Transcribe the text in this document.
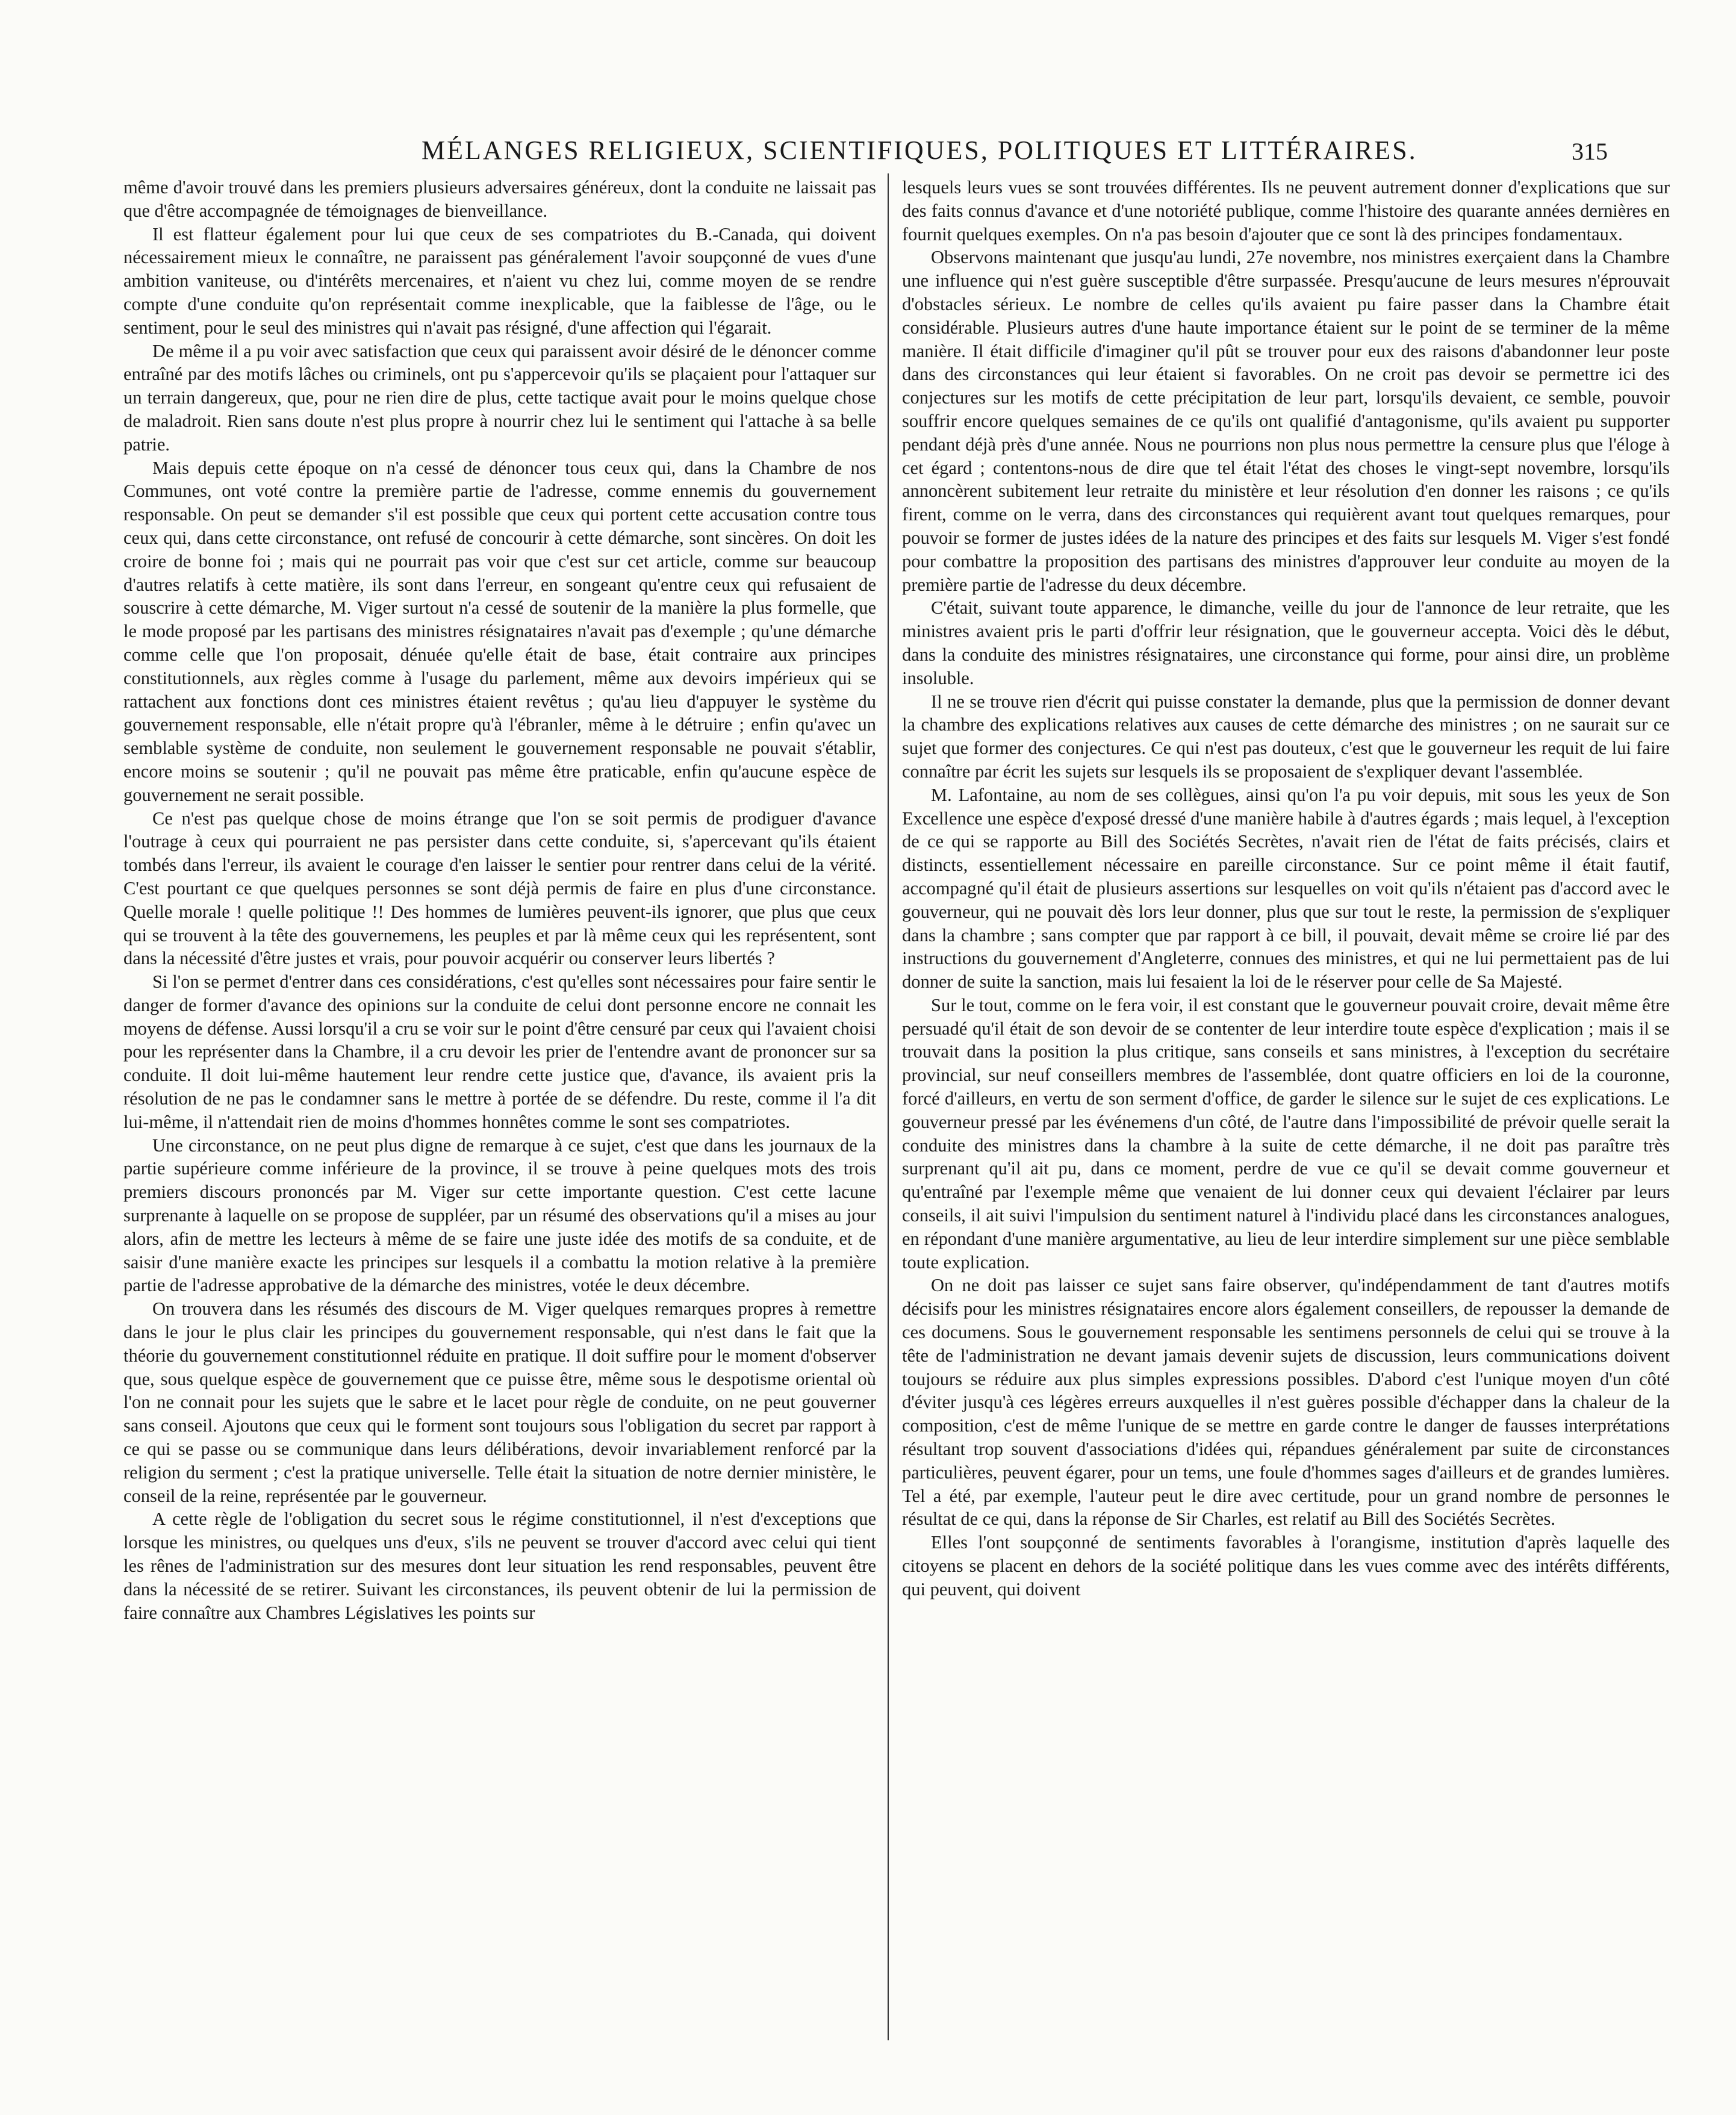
MÉLANGES RELIGIEUX, SCIENTIFIQUES, POLITIQUES ET LITTÉRAIRES.	315

même d'avoir trouvé dans les premiers plusieurs adversaires généreux, dont la conduite ne laissait pas que d'être accompagnée de témoignages de bienveillance.

Il est flatteur également pour lui que ceux de ses compatriotes du B.-Canada, qui doivent nécessairement mieux le connaître, ne paraissent pas généralement l'avoir soupçonné de vues d'une ambition vaniteuse, ou d'intérêts mercenaires, et n'aient vu chez lui, comme moyen de se rendre compte d'une conduite qu'on représentait comme inexplicable, que la faiblesse de l'âge, ou le sentiment, pour le seul des ministres qui n'avait pas résigné, d'une affection qui l'égarait.

De même il a pu voir avec satisfaction que ceux qui paraissent avoir désiré de le dénoncer comme entraîné par des motifs lâches ou criminels, ont pu s'appercevoir qu'ils se plaçaient pour l'attaquer sur un terrain dangereux, que, pour ne rien dire de plus, cette tactique avait pour le moins quelque chose de maladroit. Rien sans doute n'est plus propre à nourrir chez lui le sentiment qui l'attache à sa belle patrie.

Mais depuis cette époque on n'a cessé de dénoncer tous ceux qui, dans la Chambre de nos Communes, ont voté contre la première partie de l'adresse, comme ennemis du gouvernement responsable. On peut se demander s'il est possible que ceux qui portent cette accusation contre tous ceux qui, dans cette circonstance, ont refusé de concourir à cette démarche, sont sincères. On doit les croire de bonne foi ; mais qui ne pourrait pas voir que c'est sur cet article, comme sur beaucoup d'autres relatifs à cette matière, ils sont dans l'erreur, en songeant qu'entre ceux qui refusaient de souscrire à cette démarche, M. Viger surtout n'a cessé de soutenir de la manière la plus formelle, que le mode proposé par les partisans des ministres résignataires n'avait pas d'exemple ; qu'une démarche comme celle que l'on proposait, dénuée qu'elle était de base, était contraire aux principes constitutionnels, aux règles comme à l'usage du parlement, même aux devoirs impérieux qui se rattachent aux fonctions dont ces ministres étaient revêtus ; qu'au lieu d'appuyer le système du gouvernement responsable, elle n'était propre qu'à l'ébranler, même à le détruire ; enfin qu'avec un semblable système de conduite, non seulement le gouvernement responsable ne pouvait s'établir, encore moins se soutenir ; qu'il ne pouvait pas même être praticable, enfin qu'aucune espèce de gouvernement ne serait possible.

Ce n'est pas quelque chose de moins étrange que l'on se soit permis de prodiguer d'avance l'outrage à ceux qui pourraient ne pas persister dans cette conduite, si, s'apercevant qu'ils étaient tombés dans l'erreur, ils avaient le courage d'en laisser le sentier pour rentrer dans celui de la vérité. C'est pourtant ce que quelques personnes se sont déjà permis de faire en plus d'une circonstance. Quelle morale ! quelle politique !! Des hommes de lumières peuvent-ils ignorer, que plus que ceux qui se trouvent à la tête des gouvernemens, les peuples et par là même ceux qui les représentent, sont dans la nécessité d'être justes et vrais, pour pouvoir acquérir ou conserver leurs libertés ?

Si l'on se permet d'entrer dans ces considérations, c'est qu'elles sont nécessaires pour faire sentir le danger de former d'avance des opinions sur la conduite de celui dont personne encore ne connait les moyens de défense. Aussi lorsqu'il a cru se voir sur le point d'être censuré par ceux qui l'avaient choisi pour les représenter dans la Chambre, il a cru devoir les prier de l'entendre avant de prononcer sur sa conduite. Il doit lui-même hautement leur rendre cette justice que, d'avance, ils avaient pris la résolution de ne pas le condamner sans le mettre à portée de se défendre. Du reste, comme il l'a dit lui-même, il n'attendait rien de moins d'hommes honnêtes comme le sont ses compatriotes.

Une circonstance, on ne peut plus digne de remarque à ce sujet, c'est que dans les journaux de la partie supérieure comme inférieure de la province, il se trouve à peine quelques mots des trois premiers discours prononcés par M. Viger sur cette importante question. C'est cette lacune surprenante à laquelle on se propose de suppléer, par un résumé des observations qu'il a mises au jour alors, afin de mettre les lecteurs à même de se faire une juste idée des motifs de sa conduite, et de saisir d'une manière exacte les principes sur lesquels il a combattu la motion relative à la première partie de l'adresse approbative de la démarche des ministres, votée le deux décembre.

On trouvera dans les résumés des discours de M. Viger quelques remarques propres à remettre dans le jour le plus clair les principes du gouvernement responsable, qui n'est dans le fait que la théorie du gouvernement constitutionnel réduite en pratique. Il doit suffire pour le moment d'observer que, sous quelque espèce de gouvernement que ce puisse être, même sous le despotisme oriental où l'on ne connait pour les sujets que le sabre et le lacet pour règle de conduite, on ne peut gouverner sans conseil. Ajoutons que ceux qui le forment sont toujours sous l'obligation du secret par rapport à ce qui se passe ou se communique dans leurs délibérations, devoir invariablement renforcé par la religion du serment ; c'est la pratique universelle. Telle était la situation de notre dernier ministère, le conseil de la reine, représentée par le gouverneur.

A cette règle de l'obligation du secret sous le régime constitutionnel, il n'est d'exceptions que lorsque les ministres, ou quelques uns d'eux, s'ils ne peuvent se trouver d'accord avec celui qui tient les rênes de l'administration sur des mesures dont leur situation les rend responsables, peuvent être dans la nécessité de se retirer. Suivant les circonstances, ils peuvent obtenir de lui la permission de faire connaître aux Chambres Législatives les points sur

lesquels leurs vues se sont trouvées différentes. Ils ne peuvent autrement donner d'explications que sur des faits connus d'avance et d'une notoriété publique, comme l'histoire des quarante années dernières en fournit quelques exemples. On n'a pas besoin d'ajouter que ce sont là des principes fondamentaux.

Observons maintenant que jusqu'au lundi, 27e novembre, nos ministres exerçaient dans la Chambre une influence qui n'est guère susceptible d'être surpassée. Presqu'aucune de leurs mesures n'éprouvait d'obstacles sérieux. Le nombre de celles qu'ils avaient pu faire passer dans la Chambre était considérable. Plusieurs autres d'une haute importance étaient sur le point de se terminer de la même manière. Il était difficile d'imaginer qu'il pût se trouver pour eux des raisons d'abandonner leur poste dans des circonstances qui leur étaient si favorables. On ne croit pas devoir se permettre ici des conjectures sur les motifs de cette précipitation de leur part, lorsqu'ils devaient, ce semble, pouvoir souffrir encore quelques semaines de ce qu'ils ont qualifié d'antagonisme, qu'ils avaient pu supporter pendant déjà près d'une année. Nous ne pourrions non plus nous permettre la censure plus que l'éloge à cet égard ; contentons-nous de dire que tel était l'état des choses le vingt-sept novembre, lorsqu'ils annoncèrent subitement leur retraite du ministère et leur résolution d'en donner les raisons ; ce qu'ils firent, comme on le verra, dans des circonstances qui requièrent avant tout quelques remarques, pour pouvoir se former de justes idées de la nature des principes et des faits sur lesquels M. Viger s'est fondé pour combattre la proposition des partisans des ministres d'approuver leur conduite au moyen de la première partie de l'adresse du deux décembre.

C'était, suivant toute apparence, le dimanche, veille du jour de l'annonce de leur retraite, que les ministres avaient pris le parti d'offrir leur résignation, que le gouverneur accepta. Voici dès le début, dans la conduite des ministres résignataires, une circonstance qui forme, pour ainsi dire, un problème insoluble.

Il ne se trouve rien d'écrit qui puisse constater la demande, plus que la permission de donner devant la chambre des explications relatives aux causes de cette démarche des ministres ; on ne saurait sur ce sujet que former des conjectures. Ce qui n'est pas douteux, c'est que le gouverneur les requit de lui faire connaître par écrit les sujets sur lesquels ils se proposaient de s'expliquer devant l'assemblée.

M. Lafontaine, au nom de ses collègues, ainsi qu'on l'a pu voir depuis, mit sous les yeux de Son Excellence une espèce d'exposé dressé d'une manière habile à d'autres égards ; mais lequel, à l'exception de ce qui se rapporte au Bill des Sociétés Secrètes, n'avait rien de l'état de faits précisés, clairs et distincts, essentiellement nécessaire en pareille circonstance. Sur ce point même il était fautif, accompagné qu'il était de plusieurs assertions sur lesquelles on voit qu'ils n'étaient pas d'accord avec le gouverneur, qui ne pouvait dès lors leur donner, plus que sur tout le reste, la permission de s'expliquer dans la chambre ; sans compter que par rapport à ce bill, il pouvait, devait même se croire lié par des instructions du gouvernement d'Angleterre, connues des ministres, et qui ne lui permettaient pas de lui donner de suite la sanction, mais lui fesaient la loi de le réserver pour celle de Sa Majesté.

Sur le tout, comme on le fera voir, il est constant que le gouverneur pouvait croire, devait même être persuadé qu'il était de son devoir de se contenter de leur interdire toute espèce d'explication ; mais il se trouvait dans la position la plus critique, sans conseils et sans ministres, à l'exception du secrétaire provincial, sur neuf conseillers membres de l'assemblée, dont quatre officiers en loi de la couronne, forcé d'ailleurs, en vertu de son serment d'office, de garder le silence sur le sujet de ces explications. Le gouverneur pressé par les événemens d'un côté, de l'autre dans l'impossibilité de prévoir quelle serait la conduite des ministres dans la chambre à la suite de cette démarche, il ne doit pas paraître très surprenant qu'il ait pu, dans ce moment, perdre de vue ce qu'il se devait comme gouverneur et qu'entraîné par l'exemple même que venaient de lui donner ceux qui devaient l'éclairer par leurs conseils, il ait suivi l'impulsion du sentiment naturel à l'individu placé dans les circonstances analogues, en répondant d'une manière argumentative, au lieu de leur interdire simplement sur une pièce semblable toute explication.

On ne doit pas laisser ce sujet sans faire observer, qu'indépendamment de tant d'autres motifs décisifs pour les ministres résignataires encore alors également conseillers, de repousser la demande de ces documens. Sous le gouvernement responsable les sentimens personnels de celui qui se trouve à la tête de l'administration ne devant jamais devenir sujets de discussion, leurs communications doivent toujours se réduire aux plus simples expressions possibles. D'abord c'est l'unique moyen d'un côté d'éviter jusqu'à ces légères erreurs auxquelles il n'est guères possible d'échapper dans la chaleur de la composition, c'est de même l'unique de se mettre en garde contre le danger de fausses interprétations résultant trop souvent d'associations d'idées qui, répandues généralement par suite de circonstances particulières, peuvent égarer, pour un tems, une foule d'hommes sages d'ailleurs et de grandes lumières. Tel a été, par exemple, l'auteur peut le dire avec certitude, pour un grand nombre de personnes le résultat de ce qui, dans la réponse de Sir Charles, est relatif au Bill des Sociétés Secrètes.

Elles l'ont soupçonné de sentiments favorables à l'orangisme, institution d'après laquelle des citoyens se placent en dehors de la société politique dans les vues comme avec des intérêts différents, qui peuvent, qui doivent
